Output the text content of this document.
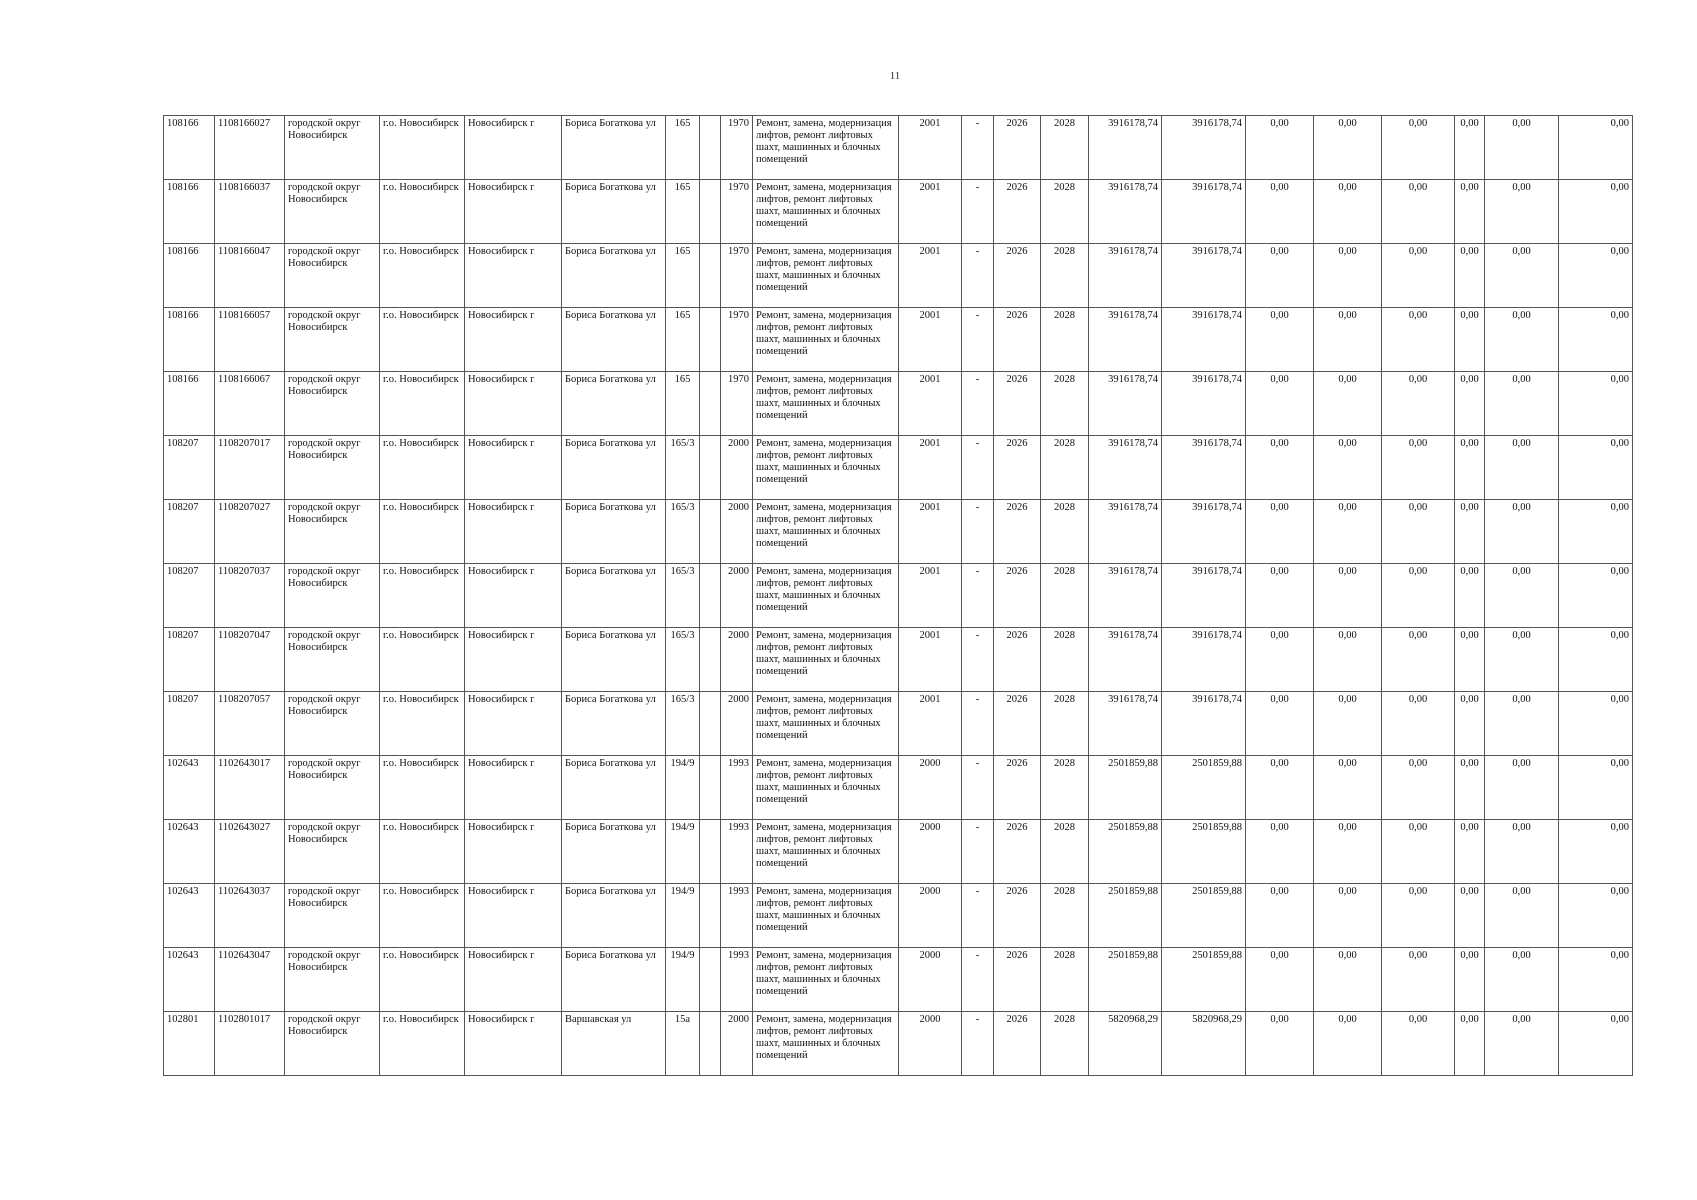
11
108166	1108166027	городской округ Новосибирск	г.о. Новосибирск	Новосибирск г	Бориса Богаткова ул	165		1970	Ремонт, замена, модернизация лифтов, ремонт лифтовых шахт, машинных и блочных помещений	2001	-	2026	2028	3916178,74	3916178,74	0,00	0,00	0,00	0,00	0,00	0,00
108166	1108166037	городской округ Новосибирск	г.о. Новосибирск	Новосибирск г	Бориса Богаткова ул	165		1970	Ремонт, замена, модернизация лифтов, ремонт лифтовых шахт, машинных и блочных помещений	2001	-	2026	2028	3916178,74	3916178,74	0,00	0,00	0,00	0,00	0,00	0,00
108166	1108166047	городской округ Новосибирск	г.о. Новосибирск	Новосибирск г	Бориса Богаткова ул	165		1970	Ремонт, замена, модернизация лифтов, ремонт лифтовых шахт, машинных и блочных помещений	2001	-	2026	2028	3916178,74	3916178,74	0,00	0,00	0,00	0,00	0,00	0,00
108166	1108166057	городской округ Новосибирск	г.о. Новосибирск	Новосибирск г	Бориса Богаткова ул	165		1970	Ремонт, замена, модернизация лифтов, ремонт лифтовых шахт, машинных и блочных помещений	2001	-	2026	2028	3916178,74	3916178,74	0,00	0,00	0,00	0,00	0,00	0,00
108166	1108166067	городской округ Новосибирск	г.о. Новосибирск	Новосибирск г	Бориса Богаткова ул	165		1970	Ремонт, замена, модернизация лифтов, ремонт лифтовых шахт, машинных и блочных помещений	2001	-	2026	2028	3916178,74	3916178,74	0,00	0,00	0,00	0,00	0,00	0,00
108207	1108207017	городской округ Новосибирск	г.о. Новосибирск	Новосибирск г	Бориса Богаткова ул	165/3		2000	Ремонт, замена, модернизация лифтов, ремонт лифтовых шахт, машинных и блочных помещений	2001	-	2026	2028	3916178,74	3916178,74	0,00	0,00	0,00	0,00	0,00	0,00
108207	1108207027	городской округ Новосибирск	г.о. Новосибирск	Новосибирск г	Бориса Богаткова ул	165/3		2000	Ремонт, замена, модернизация лифтов, ремонт лифтовых шахт, машинных и блочных помещений	2001	-	2026	2028	3916178,74	3916178,74	0,00	0,00	0,00	0,00	0,00	0,00
108207	1108207037	городской округ Новосибирск	г.о. Новосибирск	Новосибирск г	Бориса Богаткова ул	165/3		2000	Ремонт, замена, модернизация лифтов, ремонт лифтовых шахт, машинных и блочных помещений	2001	-	2026	2028	3916178,74	3916178,74	0,00	0,00	0,00	0,00	0,00	0,00
108207	1108207047	городской округ Новосибирск	г.о. Новосибирск	Новосибирск г	Бориса Богаткова ул	165/3		2000	Ремонт, замена, модернизация лифтов, ремонт лифтовых шахт, машинных и блочных помещений	2001	-	2026	2028	3916178,74	3916178,74	0,00	0,00	0,00	0,00	0,00	0,00
108207	1108207057	городской округ Новосибирск	г.о. Новосибирск	Новосибирск г	Бориса Богаткова ул	165/3		2000	Ремонт, замена, модернизация лифтов, ремонт лифтовых шахт, машинных и блочных помещений	2001	-	2026	2028	3916178,74	3916178,74	0,00	0,00	0,00	0,00	0,00	0,00
102643	1102643017	городской округ Новосибирск	г.о. Новосибирск	Новосибирск г	Бориса Богаткова ул	194/9		1993	Ремонт, замена, модернизация лифтов, ремонт лифтовых шахт, машинных и блочных помещений	2000	-	2026	2028	2501859,88	2501859,88	0,00	0,00	0,00	0,00	0,00	0,00
102643	1102643027	городской округ Новосибирск	г.о. Новосибирск	Новосибирск г	Бориса Богаткова ул	194/9		1993	Ремонт, замена, модернизация лифтов, ремонт лифтовых шахт, машинных и блочных помещений	2000	-	2026	2028	2501859,88	2501859,88	0,00	0,00	0,00	0,00	0,00	0,00
102643	1102643037	городской округ Новосибирск	г.о. Новосибирск	Новосибирск г	Бориса Богаткова ул	194/9		1993	Ремонт, замена, модернизация лифтов, ремонт лифтовых шахт, машинных и блочных помещений	2000	-	2026	2028	2501859,88	2501859,88	0,00	0,00	0,00	0,00	0,00	0,00
102643	1102643047	городской округ Новосибирск	г.о. Новосибирск	Новосибирск г	Бориса Богаткова ул	194/9		1993	Ремонт, замена, модернизация лифтов, ремонт лифтовых шахт, машинных и блочных помещений	2000	-	2026	2028	2501859,88	2501859,88	0,00	0,00	0,00	0,00	0,00	0,00
102801	1102801017	городской округ Новосибирск	г.о. Новосибирск	Новосибирск г	Варшавская ул	15а		2000	Ремонт, замена, модернизация лифтов, ремонт лифтовых шахт, машинных и блочных помещений	2000	-	2026	2028	5820968,29	5820968,29	0,00	0,00	0,00	0,00	0,00	0,00
